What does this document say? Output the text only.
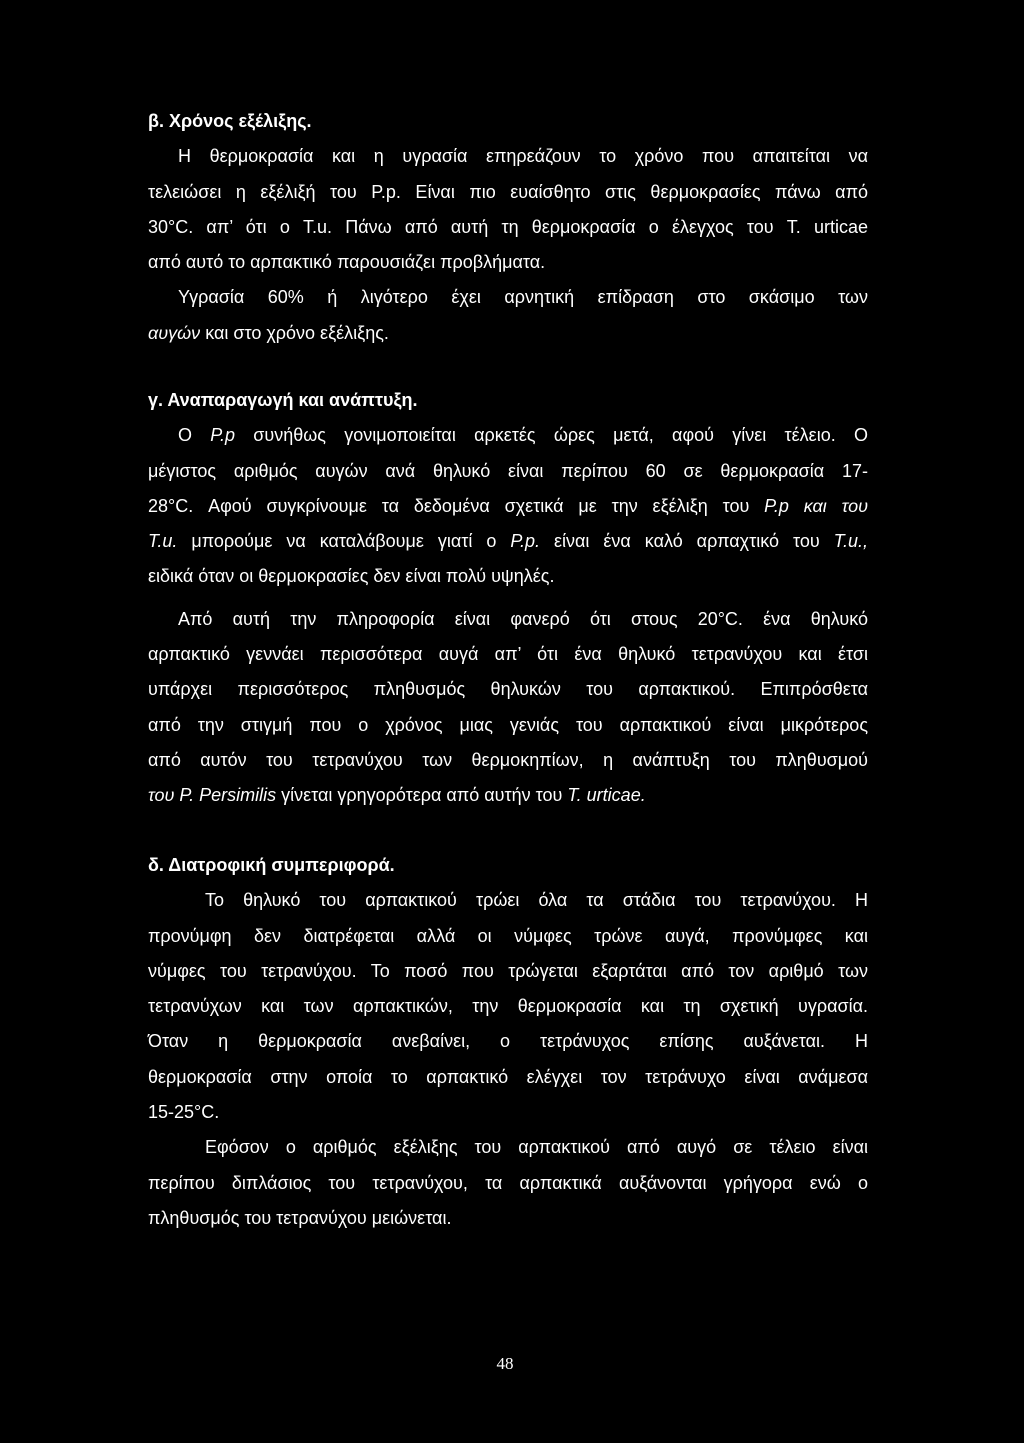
β. Χρόνος εξέλιξης.
Η θερμοκρασία και η υγρασία επηρεάζουν το χρόνο που απαιτείται να
τελειώσει η εξέλιξή του P.p. Είναι πιο ευαίσθητο στις θερμοκρασίες πάνω από
30°C. απ’ ότι ο T.u. Πάνω από αυτή τη θερμοκρασία ο έλεγχος του T. urticae
από αυτό το αρπακτικό παρουσιάζει προβλήματα.
Υγρασία 60% ή λιγότερο έχει αρνητική επίδραση στο σκάσιμο των
αυγών και στο χρόνο εξέλιξης.
γ. Αναπαραγωγή και ανάπτυξη.
Ο P.p συνήθως γονιμοποιείται αρκετές ώρες μετά, αφού γίνει τέλειο. Ο
μέγιστος αριθμός αυγών ανά θηλυκό είναι περίπου 60 σε θερμοκρασία 17-
28°C. Αφού συγκρίνουμε τα δεδομένα σχετικά με την εξέλιξη του P.p και του
T.u. μπορούμε να καταλάβουμε γιατί ο P.p. είναι ένα καλό αρπαχτικό του T.u.,
ειδικά όταν οι θερμοκρασίες δεν είναι πολύ υψηλές.
Από αυτή την πληροφορία είναι φανερό ότι στους 20°C. ένα θηλυκό
αρπακτικό γεννάει περισσότερα αυγά απ’ ότι ένα θηλυκό τετρανύχου και έτσι
υπάρχει περισσότερος πληθυσμός θηλυκών του αρπακτικού. Επιπρόσθετα
από την στιγμή που ο χρόνος μιας γενιάς του αρπακτικού είναι μικρότερος
από αυτόν του τετρανύχου των θερμοκηπίων, η ανάπτυξη του πληθυσμού
του P. Persimilis γίνεται γρηγορότερα από αυτήν του T. urticae.
δ. Διατροφική συμπεριφορά.
Το θηλυκό του αρπακτικού τρώει όλα τα στάδια του τετρανύχου. Η
προνύμφη δεν διατρέφεται αλλά οι νύμφες τρώνε αυγά, προνύμφες και
νύμφες του τετρανύχου. Το ποσό που τρώγεται εξαρτάται από τον αριθμό των
τετρανύχων και των αρπακτικών, την θερμοκρασία και τη σχετική υγρασία.
Όταν η θερμοκρασία ανεβαίνει, ο τετράνυχος επίσης αυξάνεται. Η
θερμοκρασία στην οποία το αρπακτικό ελέγχει τον τετράνυχο είναι ανάμεσα
15-25°C.
Εφόσον ο αριθμός εξέλιξης του αρπακτικού από αυγό σε τέλειο είναι
περίπου διπλάσιος του τετρανύχου, τα αρπακτικά αυξάνονται γρήγορα ενώ ο
πληθυσμός του τετρανύχου μειώνεται.
48
